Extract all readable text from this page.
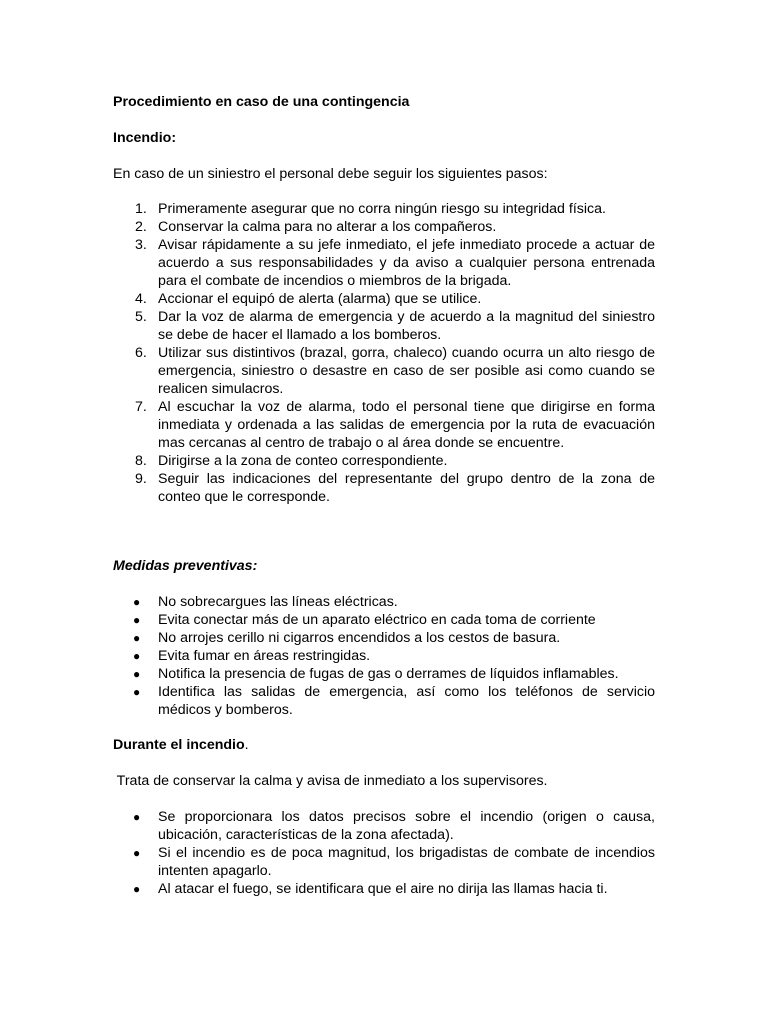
Procedimiento en caso de una contingencia

Incendio:

En caso de un siniestro el personal debe seguir los siguientes pasos:

1. Primeramente asegurar que no corra ningún riesgo su integridad física.
2. Conservar la calma para no alterar a los compañeros.
3. Avisar rápidamente a su jefe inmediato, el jefe inmediato procede a actuar de acuerdo a sus responsabilidades y da aviso a cualquier persona entrenada para el combate de incendios o miembros de la brigada.
4. Accionar el equipó de alerta (alarma) que se utilice.
5. Dar la voz de alarma de emergencia y de acuerdo a la magnitud del siniestro se debe de hacer el llamado a los bomberos.
6. Utilizar sus distintivos (brazal, gorra, chaleco) cuando ocurra un alto riesgo de emergencia, siniestro o desastre en caso de ser posible asi como cuando se realicen simulacros.
7. Al escuchar la voz de alarma, todo el personal tiene que dirigirse en forma inmediata y ordenada a las salidas de emergencia por la ruta de evacuación mas cercanas al centro de trabajo o al área donde se encuentre.
8. Dirigirse a la zona de conteo correspondiente.
9. Seguir las indicaciones del representante del grupo dentro de la zona de conteo que le corresponde.

Medidas preventivas:

● No sobrecargues las líneas eléctricas.
● Evita conectar más de un aparato eléctrico en cada toma de corriente
● No arrojes cerillo ni cigarros encendidos a los cestos de basura.
● Evita fumar en áreas restringidas.
● Notifica la presencia de fugas de gas o derrames de líquidos inflamables.
● Identifica las salidas de emergencia, así como los teléfonos de servicio médicos y bomberos.

Durante el incendio.

Trata de conservar la calma y avisa de inmediato a los supervisores.

● Se proporcionara los datos precisos sobre el incendio (origen o causa, ubicación, características de la zona afectada).
● Si el incendio es de poca magnitud, los brigadistas de combate de incendios intenten apagarlo.
● Al atacar el fuego, se identificara que el aire no dirija las llamas hacia ti.
